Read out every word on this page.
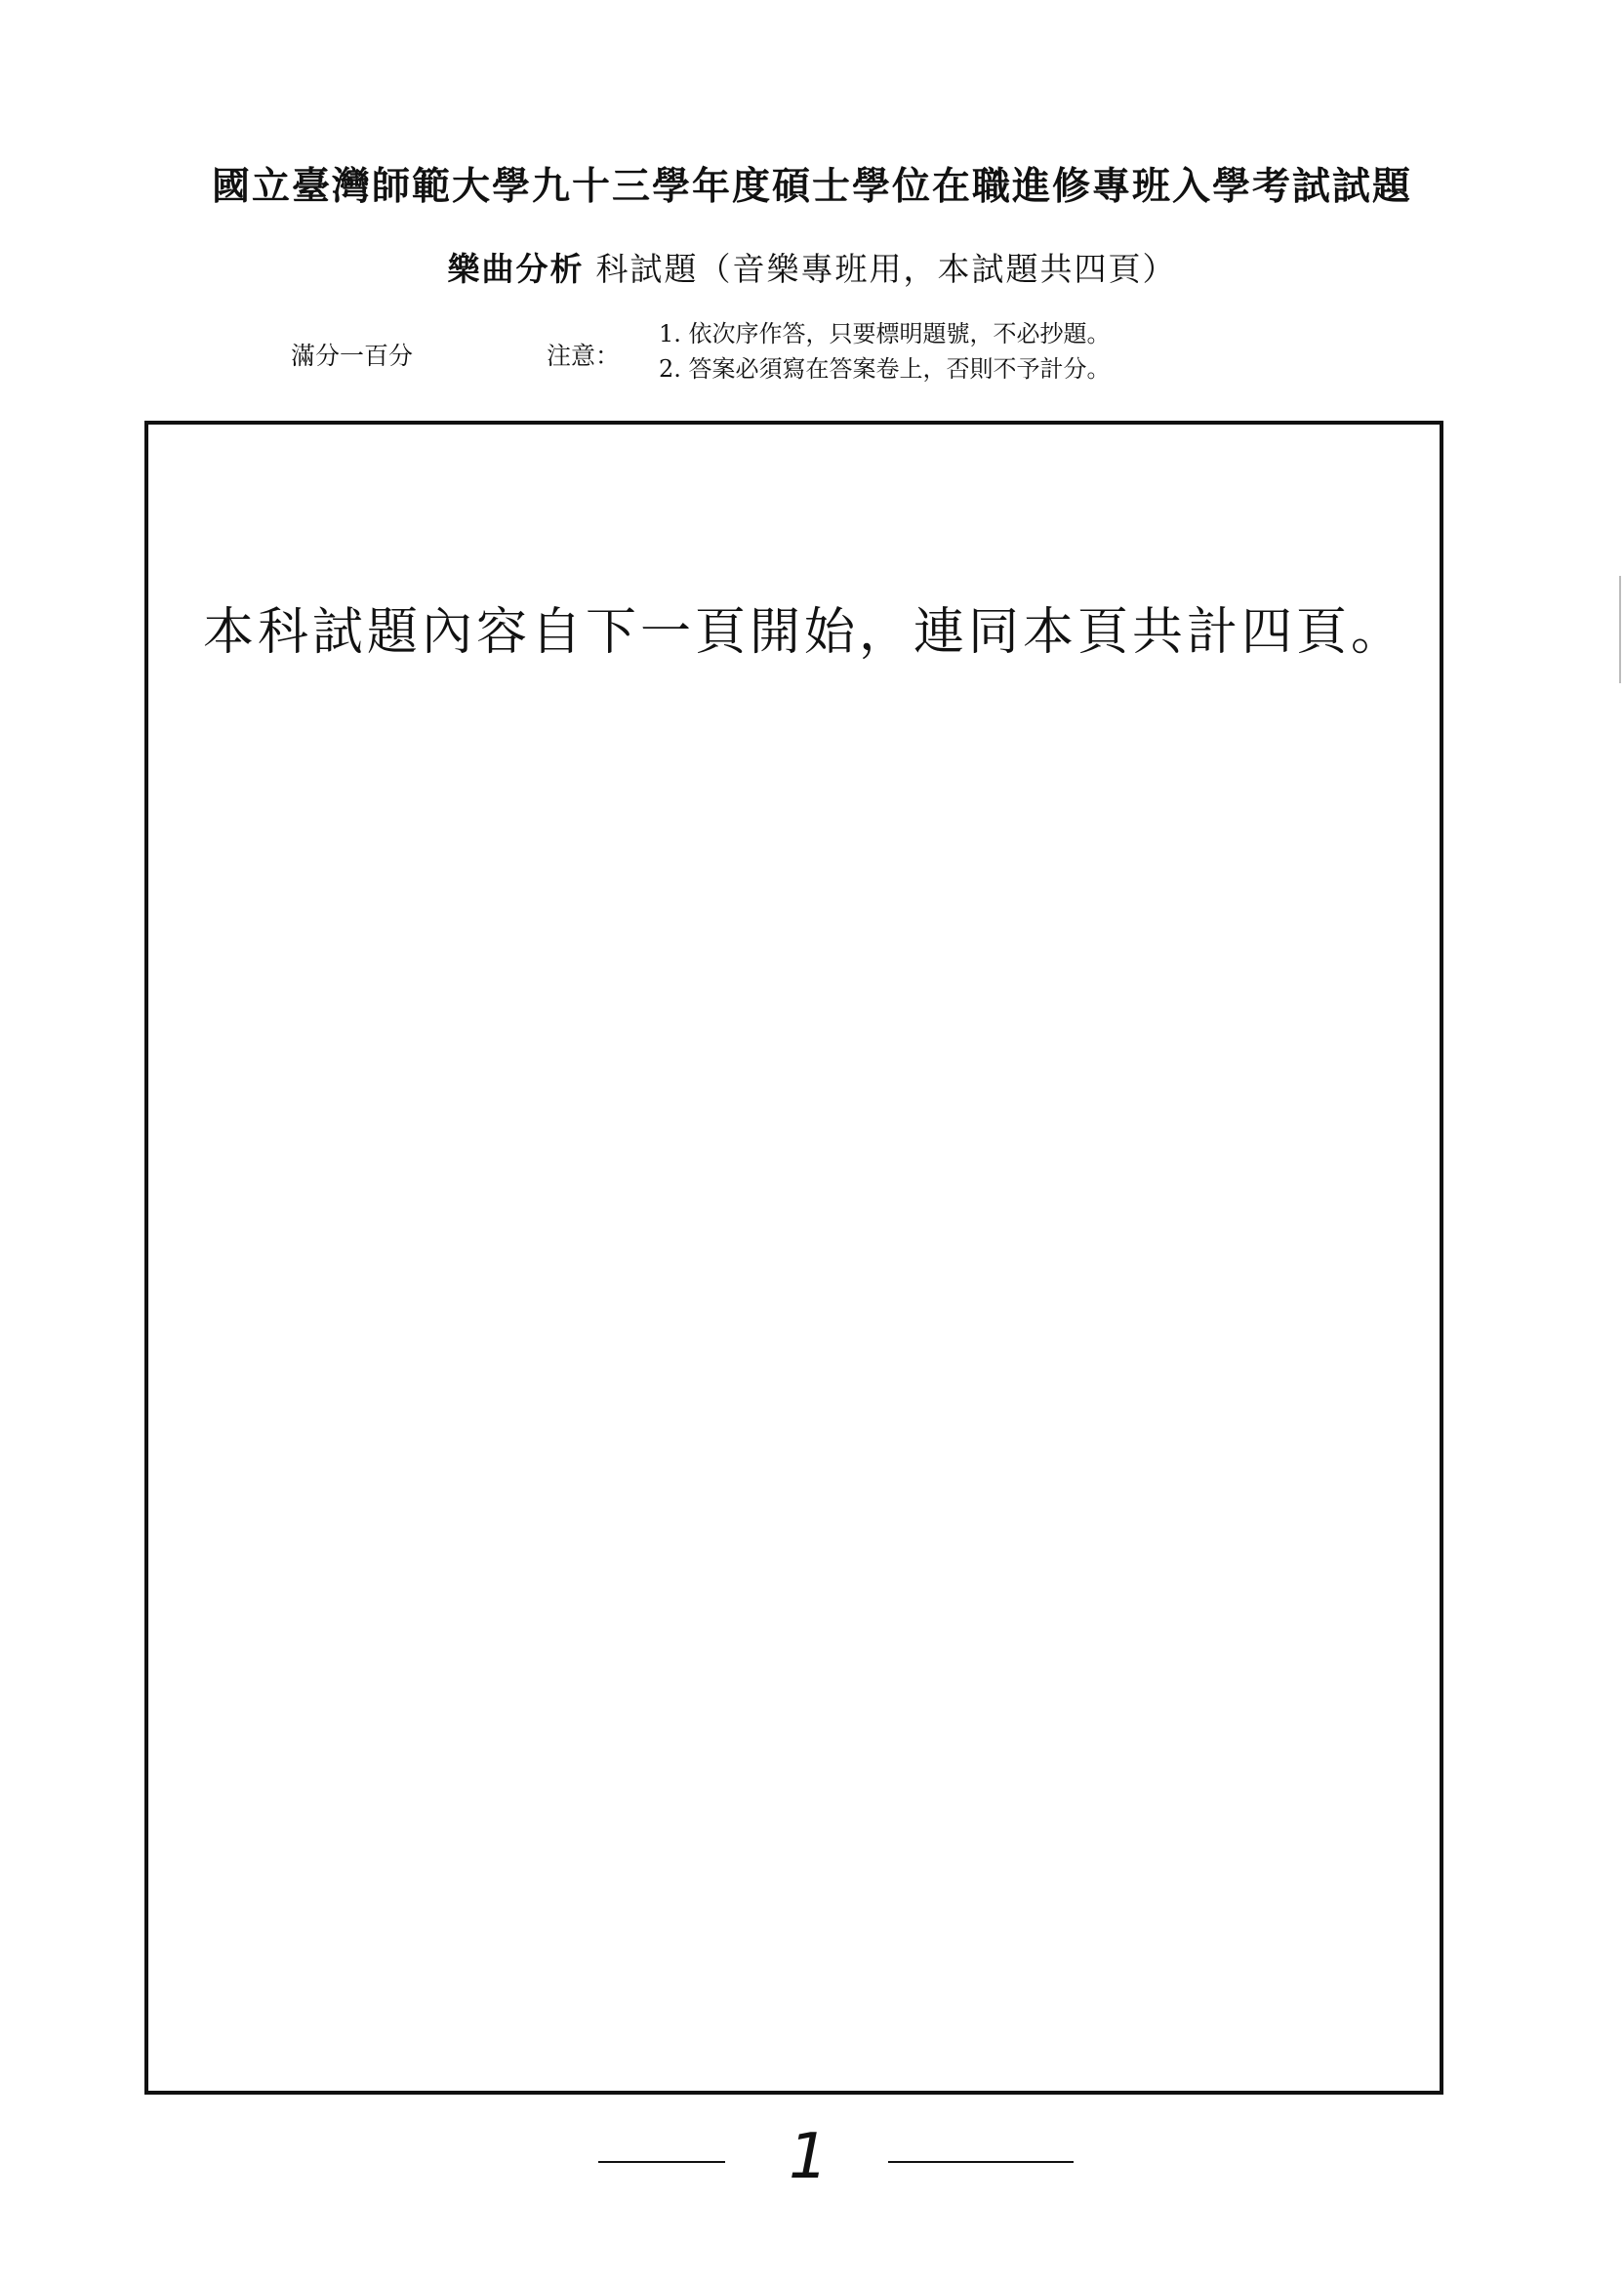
國立臺灣師範大學九十三學年度碩士學位在職進修專班入學考試試題
樂曲分析 科試題（音樂專班用，本試題共四頁）
滿分一百分	注意：
1. 依次序作答，只要標明題號，不必抄題。
2. 答案必須寫在答案卷上，否則不予計分。
本科試題內容自下一頁開始，連同本頁共計四頁。
1
